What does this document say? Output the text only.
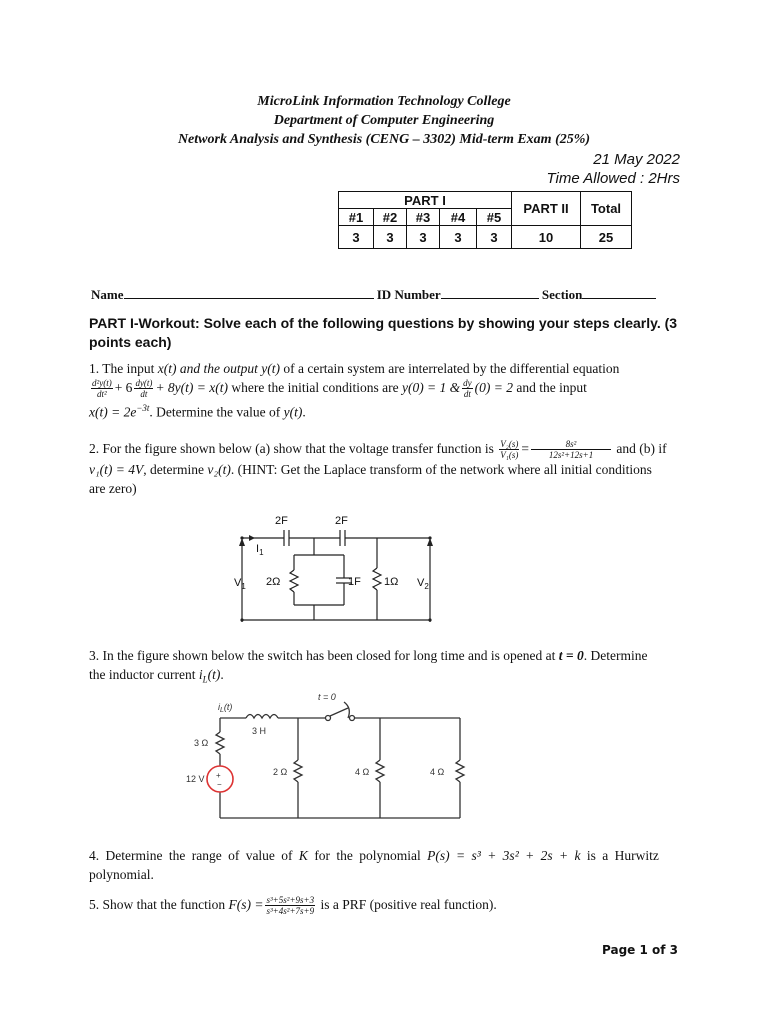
MicroLink Information Technology College
Department of Computer Engineering
Network Analysis and Synthesis (CENG – 3302) Mid-term Exam (25%)
21 May 2022
Time Allowed : 2Hrs
PART I					PART II	Total
#1	#2	#3	#4	#5		
3	3	3	3	3	10	25
Name	ID Number	Section
PART I-Workout: Solve each of the following questions by showing your steps clearly. (3
points each)
1. The input x(t) and the output y(t) of a certain system are interrelated by the differential equation
$\frac{\text{d²y(t)}}{\text{dt²}} + 6 \frac{dy(t)}{dt} + 8y(t) = x(t)$ where the initial conditions are y(0) = 1 & $\frac{dy}{dt} (0) = 2$ and the input
$x(t) = 2e^{-3t}$. Determine the value of y(t).
2. For the figure shown below (a) show that the voltage transfer function is $\frac{\text{V₂(s)}}{\text{V₁(s)}} = \frac{\text{8s²}}{\text{12s²+12s+1}}$ and (b) if
v₁(t) = 4V, determine v₂(t). (HINT: Get the Laplace transform of the network where all initial conditions
are zero)
2F	2F
$I_1$
$V_1$ 2Ω	1F 1Ω $V_2$
3. In the figure shown below the switch has been closed for long time and is opened at t = 0. Determine
the inductor current $i_L(t)$.
+
−
$i_L(t)$
3 H
t = 0
3 Ω
12 V
2 Ω	4 Ω	4 Ω
4. Determine the range of value of K for the polynomial P(s) = s³ + 3s² + 2s + k is a Hurwitz
polynomial.
5. Show that the function $F(s) = \frac{\text{s³+5s²+9s+3}}{\text{s³+4s²+7s+9}}$ is a PRF (positive real function).
Page 1 of 3
